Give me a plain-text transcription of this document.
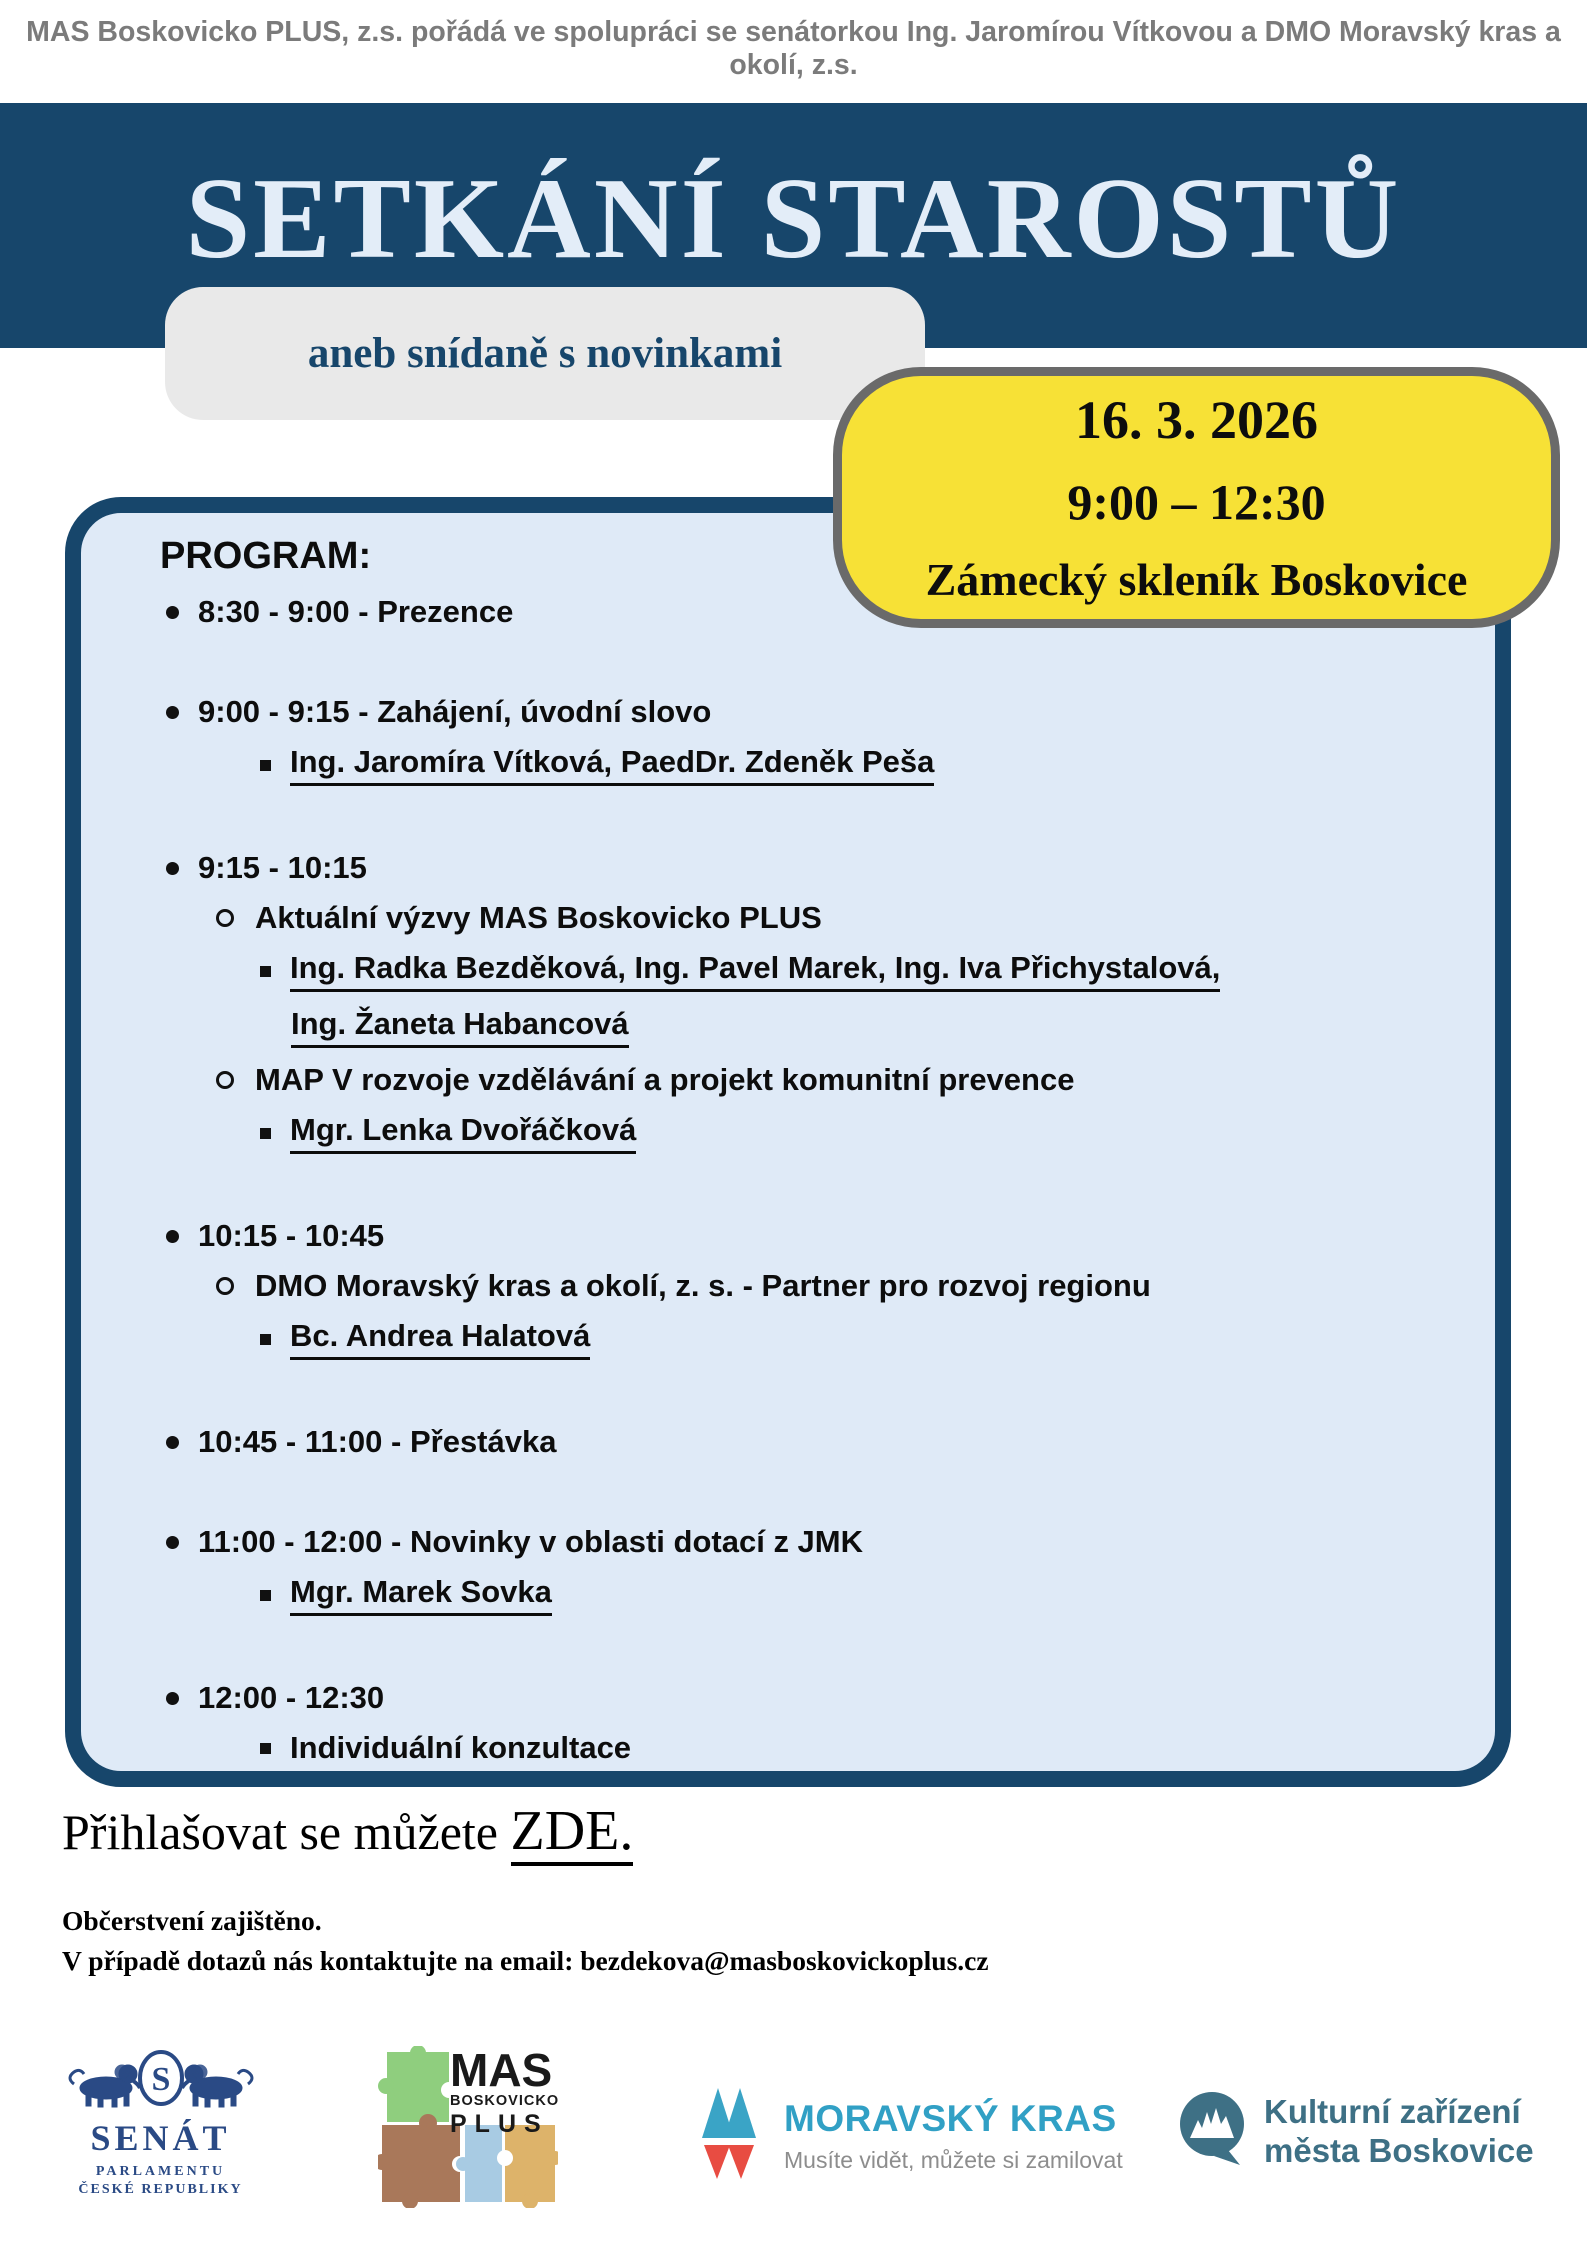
MAS Boskovicko PLUS, z.s. pořádá ve spolupráci se senátorkou Ing. Jaromírou Vítkovou a DMO Moravský kras a okolí, z.s.
SETKÁNÍ STAROSTŮ
aneb snídaně s novinkami
16. 3. 2026
9:00 – 12:30
Zámecký skleník Boskovice
PROGRAM:
8:30 - 9:00 - Prezence
9:00 - 9:15 - Zahájení, úvodní slovo
Ing. Jaromíra Vítková, PaedDr. Zdeněk Peša
9:15 - 10:15
Aktuální výzvy MAS Boskovicko PLUS
Ing. Radka Bezděková, Ing. Pavel Marek, Ing. Iva Přichystalová,
Ing. Žaneta Habancová
MAP V rozvoje vzdělávání a projekt komunitní prevence
Mgr. Lenka Dvořáčková
10:15 - 10:45
DMO Moravský kras a okolí, z. s. - Partner pro rozvoj regionu
Bc. Andrea Halatová
10:45 - 11:00 - Přestávka
11:00 - 12:00 - Novinky v oblasti dotací z JMK
Mgr. Marek Sovka
12:00 - 12:30
Individuální konzultace
Přihlašovat se můžete ZDE.
Občerstvení zajištěno.
V případě dotazů nás kontaktujte na email: bezdekova@masboskovickoplus.cz
S
SENÁT
PARLAMENTU
ČESKÉ REPUBLIKY
MAS
BOSKOVICKO
PLUS	MORAVSKÝ KRAS
Musíte vidět, můžete si zamilovat
Kulturní zařízení
města Boskovice
